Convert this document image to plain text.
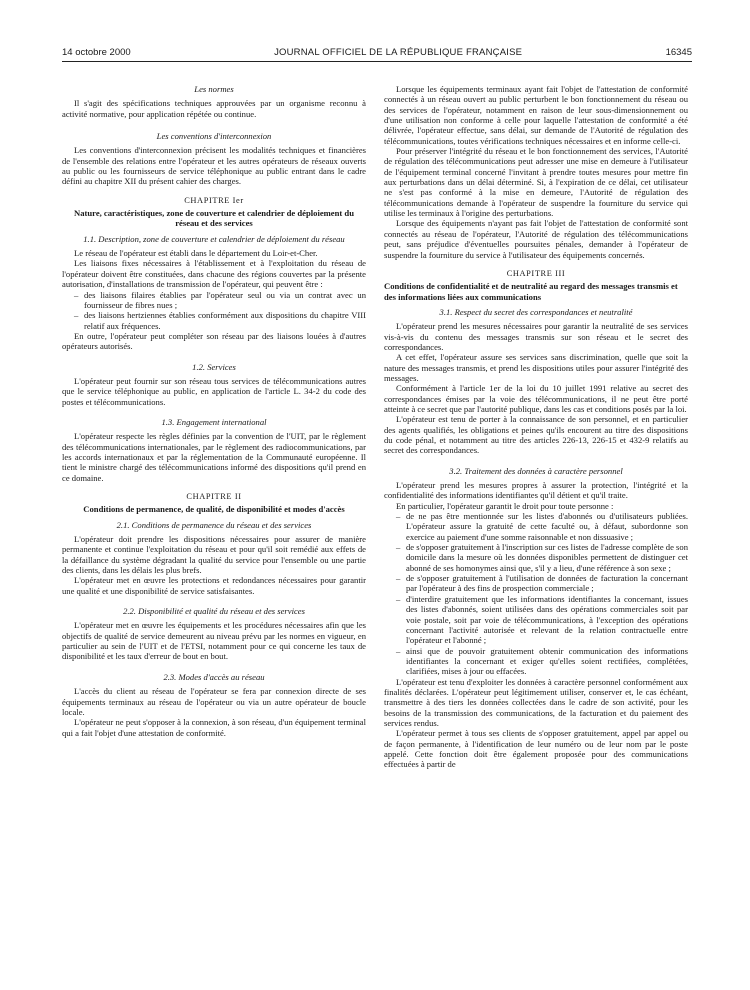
14 octobre 2000	JOURNAL OFFICIEL DE LA RÉPUBLIQUE FRANÇAISE	16345
Les normes

Il s'agit des spécifications techniques approuvées par un organisme reconnu à activité normative, pour application répétée ou continue.

Les conventions d'interconnexion

Les conventions d'interconnexion précisent les modalités techniques et financières de l'ensemble des relations entre l'opérateur et les autres opérateurs de réseaux ouverts au public ou les fournisseurs de service téléphonique au public entrant dans le cadre défini au chapitre XII du présent cahier des charges.

CHAPITRE Ier
Nature, caractéristiques, zone de couverture et calendrier de déploiement du réseau et des services
1.1. Description, zone de couverture et calendrier de déploiement du réseau

Le réseau de l'opérateur est établi dans le département du Loir-et-Cher.

Les liaisons fixes nécessaires à l'établissement et à l'exploitation du réseau de l'opérateur doivent être constituées, dans chacune des régions couvertes par la présente autorisation, d'installations de transmission de l'opérateur, qui peuvent être :

– des liaisons filaires établies par l'opérateur seul ou via un contrat avec un fournisseur de fibres nues ;
– des liaisons hertziennes établies conformément aux dispositions du chapitre VIII relatif aux fréquences.

En outre, l'opérateur peut compléter son réseau par des liaisons louées à d'autres opérateurs autorisés.

1.2. Services

L'opérateur peut fournir sur son réseau tous services de télécommunications autres que le service téléphonique au public, en application de l'article L. 34-2 du code des postes et télécommunications.

1.3. Engagement international

L'opérateur respecte les règles définies par la convention de l'UIT, par le règlement des télécommunications internationales, par le règlement des radiocommunications, par les accords internationaux et par la réglementation de la Communauté européenne. Il tient le ministre chargé des télécommunications informé des dispositions qu'il prend en ce domaine.

CHAPITRE II
Conditions de permanence, de qualité, de disponibilité et modes d'accès
2.1. Conditions de permanence du réseau et des services

L'opérateur doit prendre les dispositions nécessaires pour assurer de manière permanente et continue l'exploitation du réseau et pour qu'il soit remédié aux effets de la défaillance du système dégradant la qualité du service pour l'ensemble ou une partie des clients, dans les délais les plus brefs.

L'opérateur met en œuvre les protections et redondances nécessaires pour garantir une qualité et une disponibilité de service satisfaisantes.

2.2. Disponibilité et qualité du réseau et des services

L'opérateur met en œuvre les équipements et les procédures nécessaires afin que les objectifs de qualité de service demeurent au niveau prévu par les normes en vigueur, en particulier au sein de l'UIT et de l'ETSI, notamment pour ce qui concerne les taux de disponibilité et les taux d'erreur de bout en bout.

2.3. Modes d'accès au réseau

L'accès du client au réseau de l'opérateur se fera par connexion directe de ses équipements terminaux au réseau de l'opérateur ou via un autre opérateur de boucle locale.

L'opérateur ne peut s'opposer à la connexion, à son réseau, d'un équipement terminal qui a fait l'objet d'une attestation de conformité.

Lorsque les équipements terminaux ayant fait l'objet de l'attestation de conformité connectés à un réseau ouvert au public perturbent le bon fonctionnement du réseau ou des services de l'opérateur, notamment en raison de leur sous-dimensionnement ou d'une utilisation non conforme à celle pour laquelle l'attestation de conformité a été délivrée, l'opérateur effectue, sans délai, sur demande de l'Autorité de régulation des télécommunications, toutes vérifications techniques nécessaires et en informe celle-ci.

Pour préserver l'intégrité du réseau et le bon fonctionnement des services, l'Autorité de régulation des télécommunications peut adresser une mise en demeure à l'utilisateur de l'équipement terminal concerné l'invitant à prendre toutes mesures pour mettre fin aux perturbations dans un délai déterminé. Si, à l'expiration de ce délai, cet utilisateur ne s'est pas conformé à la mise en demeure, l'Autorité de régulation des télécommunications demande à l'opérateur de suspendre la fourniture du service qui utilise les terminaux à l'origine des perturbations.

Lorsque des équipements n'ayant pas fait l'objet de l'attestation de conformité sont connectés au réseau de l'opérateur, l'Autorité de régulation des télécommunications peut, sans préjudice d'éventuelles poursuites pénales, demander à l'opérateur de suspendre la fourniture du service à l'utilisateur des équipements concernés.

CHAPITRE III
Conditions de confidentialité et de neutralité au regard des messages transmis et des informations liées aux communications
3.1. Respect du secret des correspondances et neutralité

L'opérateur prend les mesures nécessaires pour garantir la neutralité de ses services vis-à-vis du contenu des messages transmis sur son réseau et le secret des correspondances.

A cet effet, l'opérateur assure ses services sans discrimination, quelle que soit la nature des messages transmis, et prend les dispositions utiles pour assurer l'intégrité des messages.

Conformément à l'article 1er de la loi du 10 juillet 1991 relative au secret des correspondances émises par la voie des télécommunications, il ne peut être porté atteinte à ce secret que par l'autorité publique, dans les cas et conditions posés par la loi.

L'opérateur est tenu de porter à la connaissance de son personnel, et en particulier des agents qualifiés, les obligations et peines qu'ils encourent au titre des dispositions du code pénal, et notamment au titre des articles 226-13, 226-15 et 432-9 relatifs au secret des correspondances.

3.2. Traitement des données à caractère personnel

L'opérateur prend les mesures propres à assurer la protection, l'intégrité et la confidentialité des informations identifiantes qu'il détient et qu'il traite.

En particulier, l'opérateur garantit le droit pour toute personne :

– de ne pas être mentionnée sur les listes d'abonnés ou d'utilisateurs publiées. L'opérateur assure la gratuité de cette faculté ou, à défaut, subordonne son exercice au paiement d'une somme raisonnable et non dissuasive ;
– de s'opposer gratuitement à l'inscription sur ces listes de l'adresse complète de son domicile dans la mesure où les données disponibles permettent de distinguer cet abonné de ses homonymes ainsi que, s'il y a lieu, d'une référence à son sexe ;
– de s'opposer gratuitement à l'utilisation de données de facturation la concernant par l'opérateur à des fins de prospection commerciale ;
– d'interdire gratuitement que les informations identifiantes la concernant, issues des listes d'abonnés, soient utilisées dans des opérations commerciales soit par voie postale, soit par voie de télécommunications, à l'exception des opérations concernant l'activité autorisée et relevant de la relation contractuelle entre l'opérateur et l'abonné ;
– ainsi que de pouvoir gratuitement obtenir communication des informations identifiantes la concernant et exiger qu'elles soient rectifiées, complétées, clarifiées, mises à jour ou effacées.

L'opérateur est tenu d'exploiter les données à caractère personnel conformément aux finalités déclarées. L'opérateur peut légitimement utiliser, conserver et, le cas échéant, transmettre à des tiers les données collectées dans le cadre de son activité, pour les besoins de la transmission des communications, de la facturation et du paiement des services rendus.

L'opérateur permet à tous ses clients de s'opposer gratuitement, appel par appel ou de façon permanente, à l'identification de leur numéro ou de leur nom par le poste appelé. Cette fonction doit être également proposée pour des communications effectuées à partir de
